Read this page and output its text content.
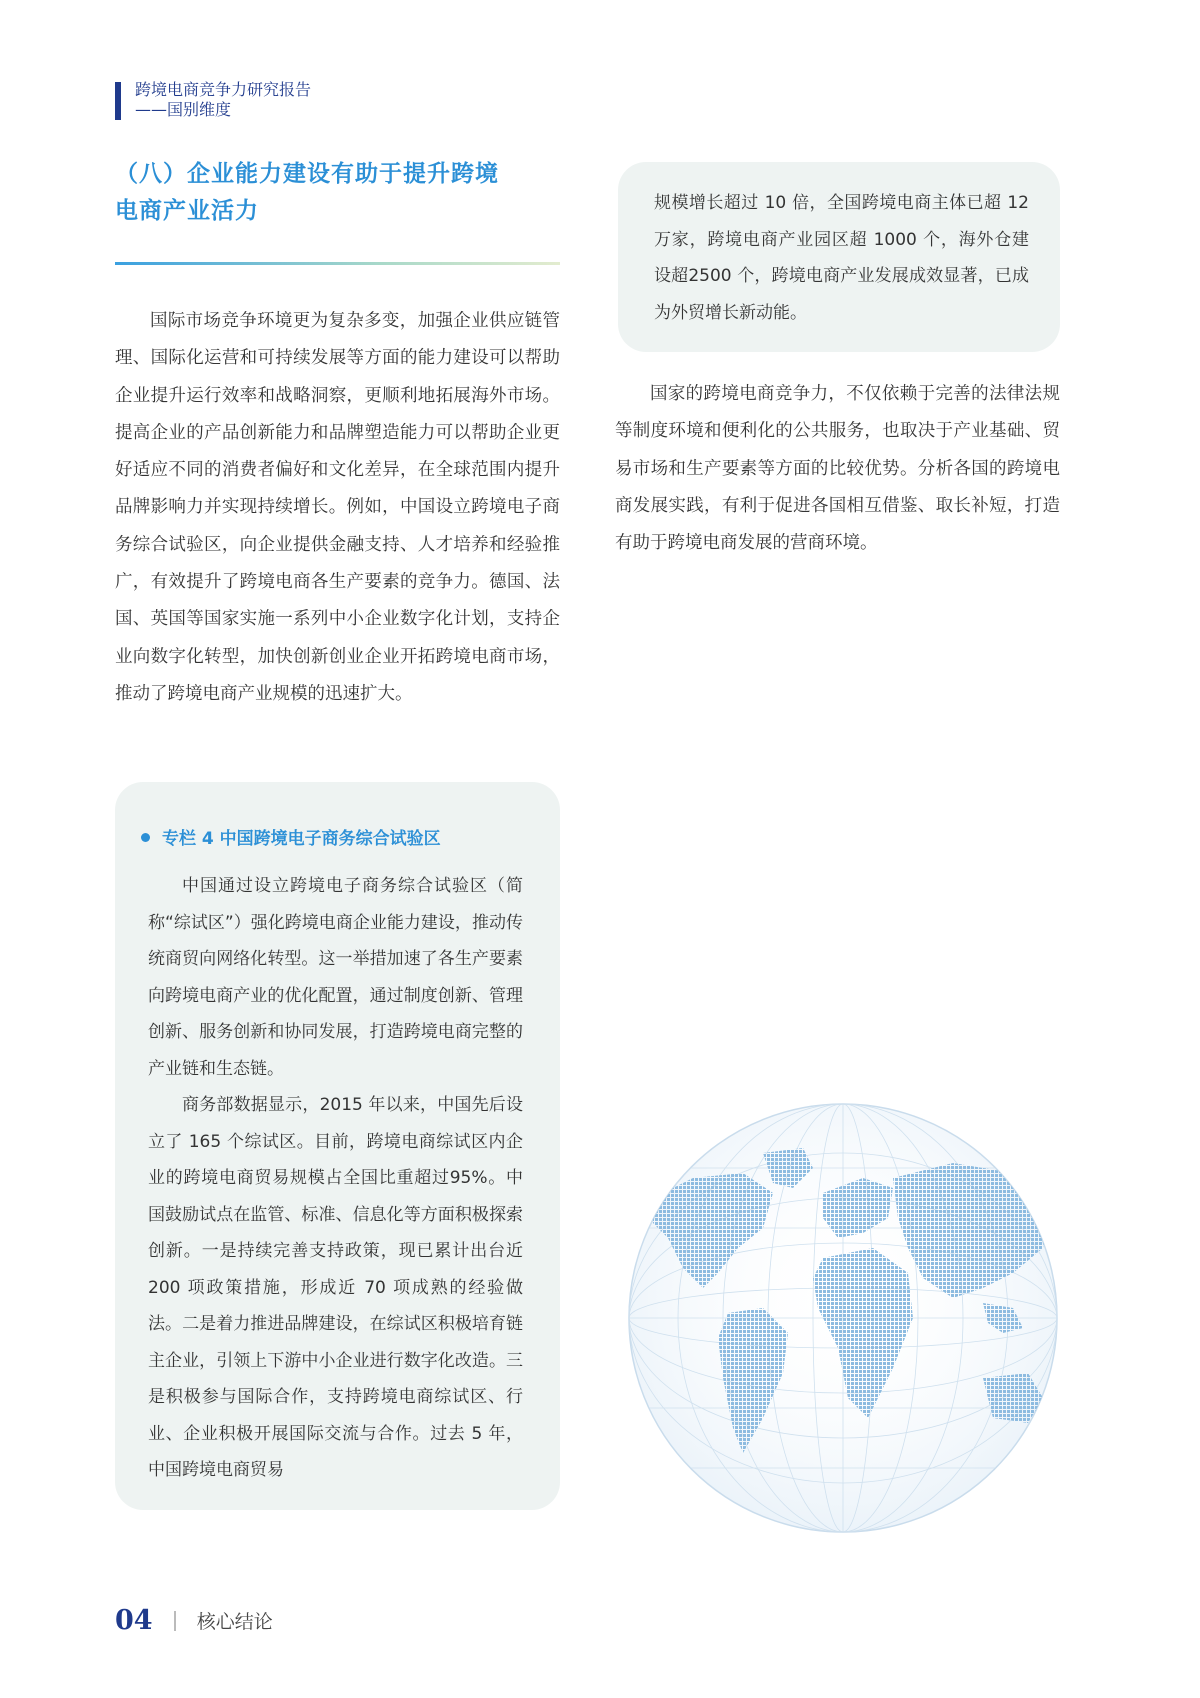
跨境电商竞争力研究报告
——国别维度
（八）企业能力建设有助于提升跨境
电商产业活力

国际市场竞争环境更为复杂多变，加强企业供应链管理、国际化运营和可持续发展等方面的能力建设可以帮助企业提升运行效率和战略洞察，更顺利地拓展海外市场。提高企业的产品创新能力和品牌塑造能力可以帮助企业更好适应不同的消费者偏好和文化差异，在全球范围内提升品牌影响力并实现持续增长。例如，中国设立跨境电子商务综合试验区，向企业提供金融支持、人才培养和经验推广，有效提升了跨境电商各生产要素的竞争力。德国、法国、英国等国家实施一系列中小企业数字化计划，支持企业向数字化转型，加快创新创业企业开拓跨境电商市场，推动了跨境电商产业规模的迅速扩大。

专栏 4 中国跨境电子商务综合试验区

中国通过设立跨境电子商务综合试验区（简称“综试区”）强化跨境电商企业能力建设，推动传统商贸向网络化转型。这一举措加速了各生产要素向跨境电商产业的优化配置，通过制度创新、管理创新、服务创新和协同发展，打造跨境电商完整的产业链和生态链。

商务部数据显示，2015 年以来，中国先后设立了 165 个综试区。目前，跨境电商综试区内企业的跨境电商贸易规模占全国比重超过95%。中国鼓励试点在监管、标准、信息化等方面积极探索创新。一是持续完善支持政策，现已累计出台近 200 项政策措施，形成近 70 项成熟的经验做法。二是着力推进品牌建设，在综试区积极培育链主企业，引领上下游中小企业进行数字化改造。三是积极参与国际合作，支持跨境电商综试区、行业、企业积极开展国际交流与合作。过去 5 年，中国跨境电商贸易

规模增长超过 10 倍，全国跨境电商主体已超 12 万家，跨境电商产业园区超 1000 个，海外仓建设超2500 个，跨境电商产业发展成效显著，已成为外贸增长新动能。

国家的跨境电商竞争力，不仅依赖于完善的法律法规等制度环境和便利化的公共服务，也取决于产业基础、贸易市场和生产要素等方面的比较优势。分析各国的跨境电商发展实践，有利于促进各国相互借鉴、取长补短，打造有助于跨境电商发展的营商环境。

04 核心结论
